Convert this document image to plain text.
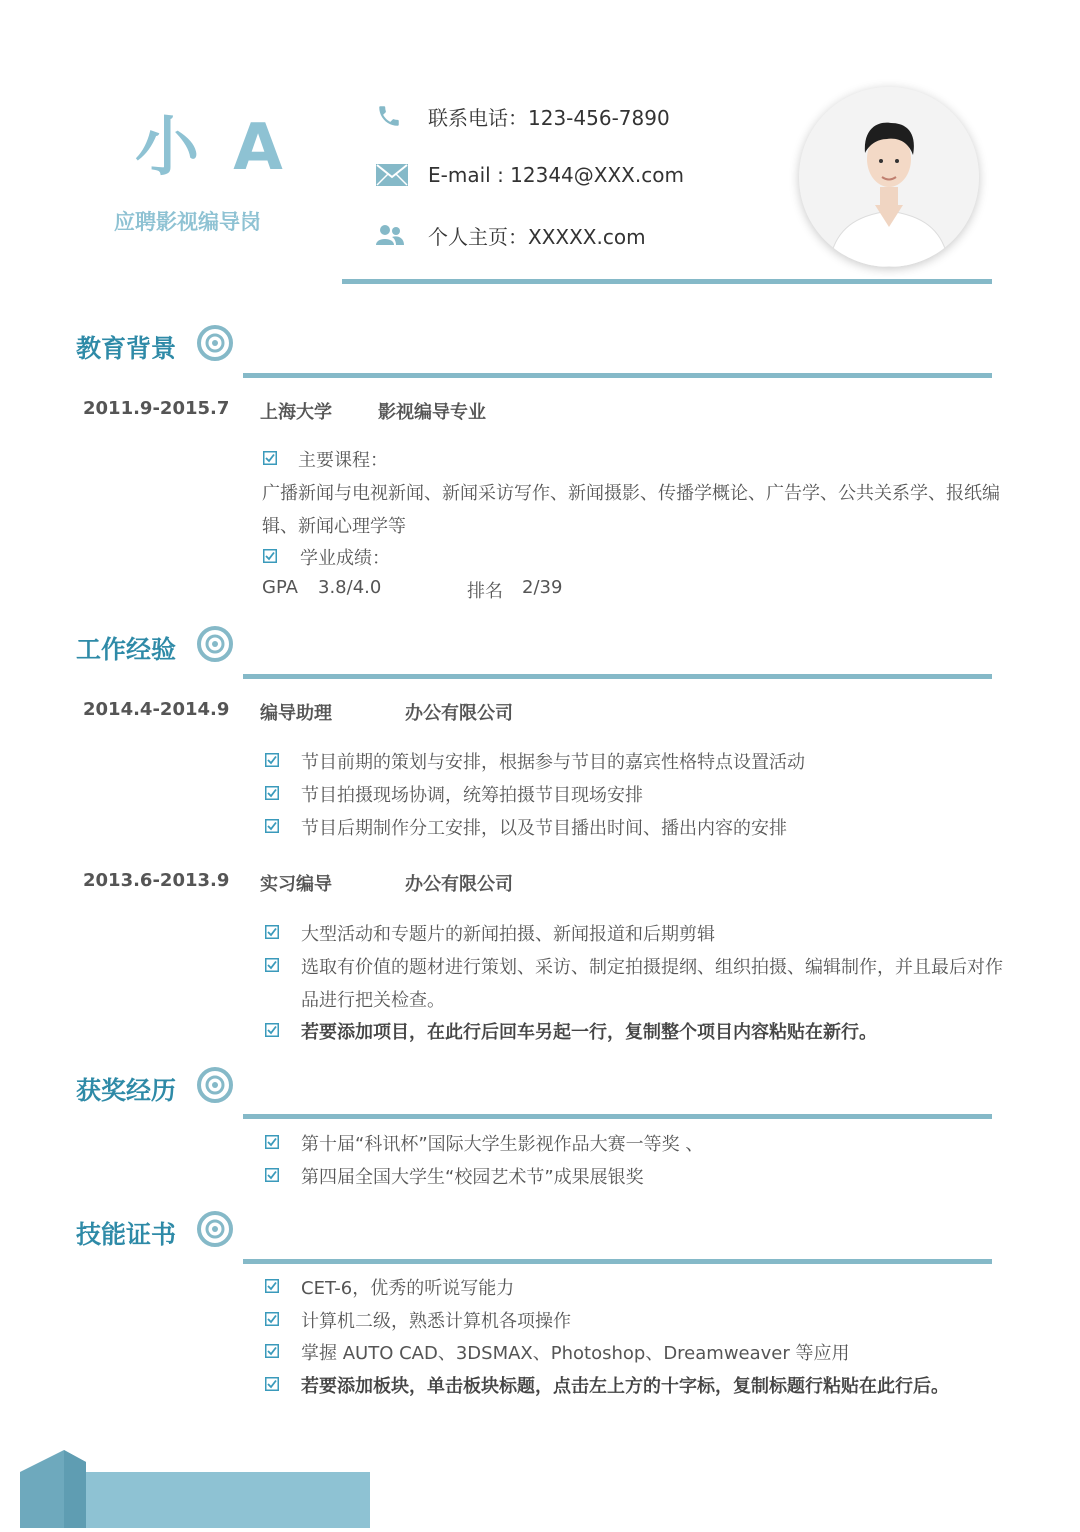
小 A
应聘影视编导岗
联系电话：123-456-7890
E-mail : 12344@XXX.com
个人主页：XXXXX.com
教育背景
2011.9-2015.7 上海大学	影视编导专业
主要课程：
广播新闻与电视新闻、新闻采访写作、新闻摄影、传播学概论、广告学、公共关系学、报纸编
辑、新闻心理学等
学业成绩：
GPA 3.8/4.0	排名 2/39
工作经验
2014.4-2014.9 编导助理	办公有限公司
节目前期的策划与安排，根据参与节目的嘉宾性格特点设置活动
节目拍摄现场协调，统筹拍摄节目现场安排
节目后期制作分工安排，以及节目播出时间、播出内容的安排
2013.6-2013.9 实习编导	办公有限公司
大型活动和专题片的新闻拍摄、新闻报道和后期剪辑
选取有价值的题材进行策划、采访、制定拍摄提纲、组织拍摄、编辑制作，并且最后对作
品进行把关检查。
若要添加项目，在此行后回车另起一行，复制整个项目内容粘贴在新行。
获奖经历
第十届“科讯杯”国际大学生影视作品大赛一等奖 、
第四届全国大学生“校园艺术节”成果展银奖
技能证书
CET-6，优秀的听说写能力
计算机二级，熟悉计算机各项操作
掌握 AUTO CAD、3DSMAX、Photoshop、Dreamweaver 等应用
若要添加板块，单击板块标题，点击左上方的十字标，复制标题行粘贴在此行后。
